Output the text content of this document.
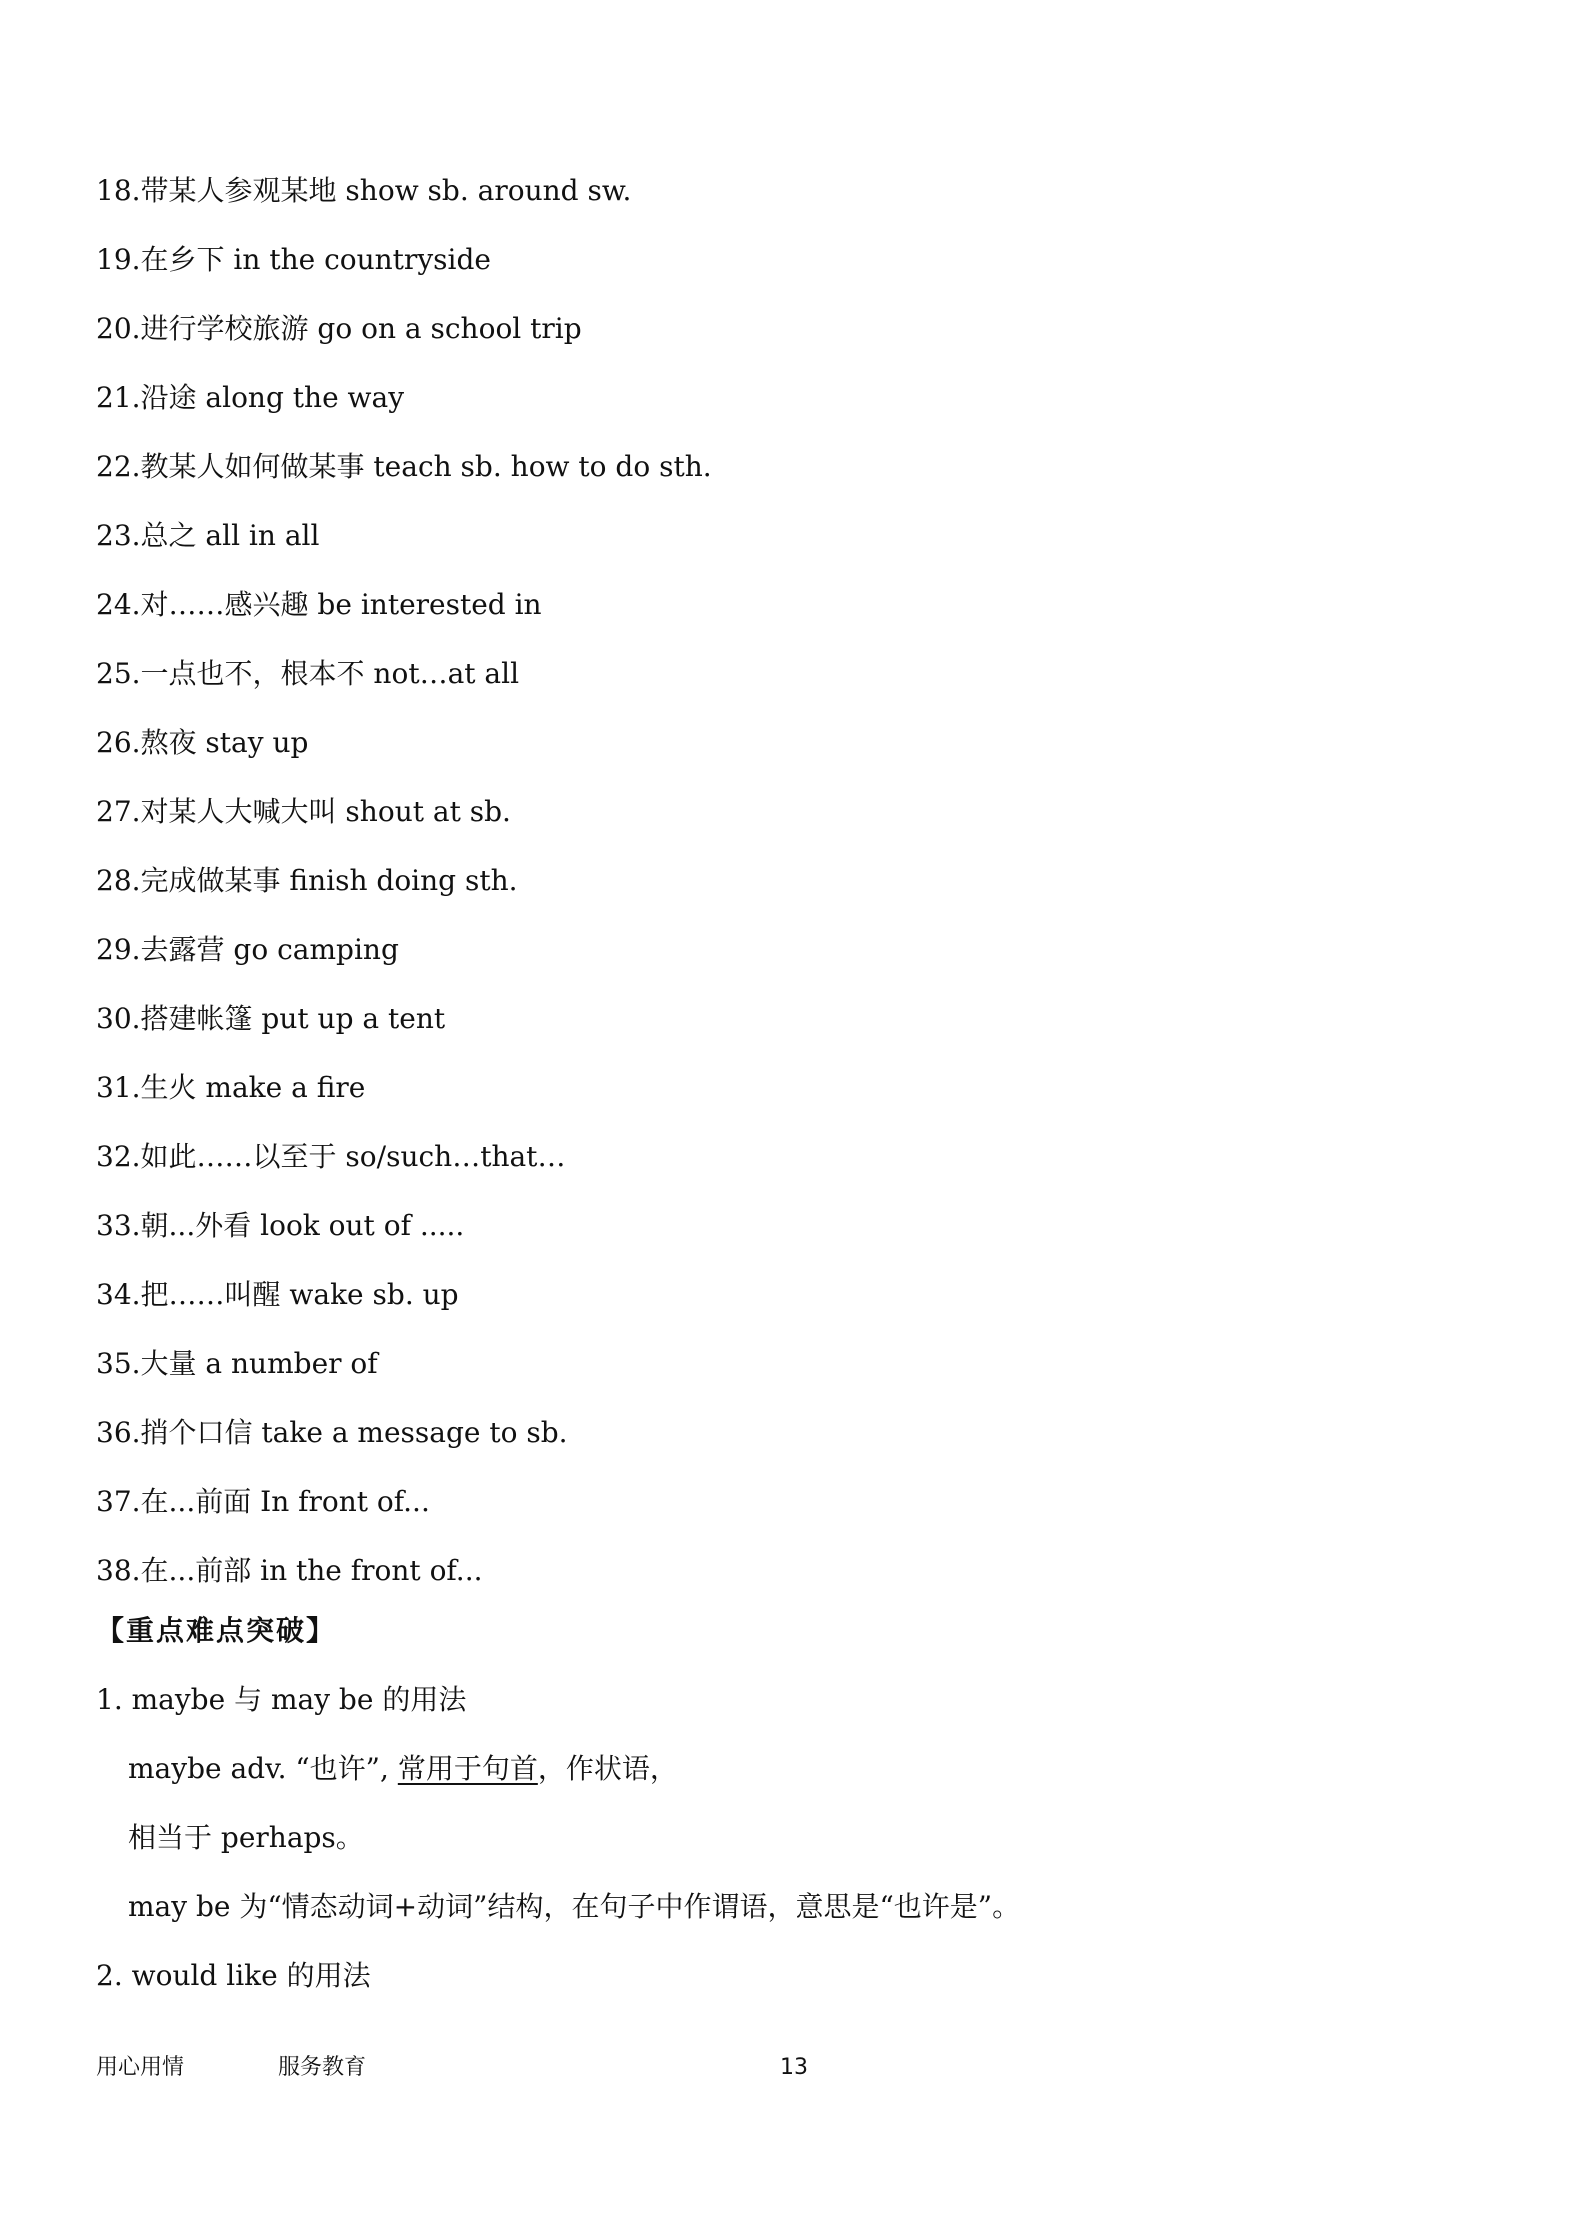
18.带某人参观某地 show sb. around sw.
19.在乡下 in the countryside
20.进行学校旅游 go on a school trip
21.沿途 along the way
22.教某人如何做某事 teach sb. how to do sth.
23.总之 all in all
24.对……感兴趣 be interested in
25.一点也不，根本不 not…at all
26.熬夜 stay up
27.对某人大喊大叫 shout at sb.
28.完成做某事 finish doing sth.
29.去露营 go camping
30.搭建帐篷 put up a tent
31.生火 make a fire
32.如此……以至于 so/such…that…
33.朝...外看 look out of .....
34.把……叫醒 wake sb. up
35.大量 a number of
36.捎个口信 take a message to sb.
37.在...前面 In front of...
38.在...前部 in the front of...
【重点难点突破】
1. maybe 与 may be 的用法
maybe adv. “也许”, 常用于句首，作状语，
相当于 perhaps。
may be 为“情态动词+动词”结构，在句子中作谓语，意思是“也许是”。
2. would like 的用法
用心用情	服务教育	13
